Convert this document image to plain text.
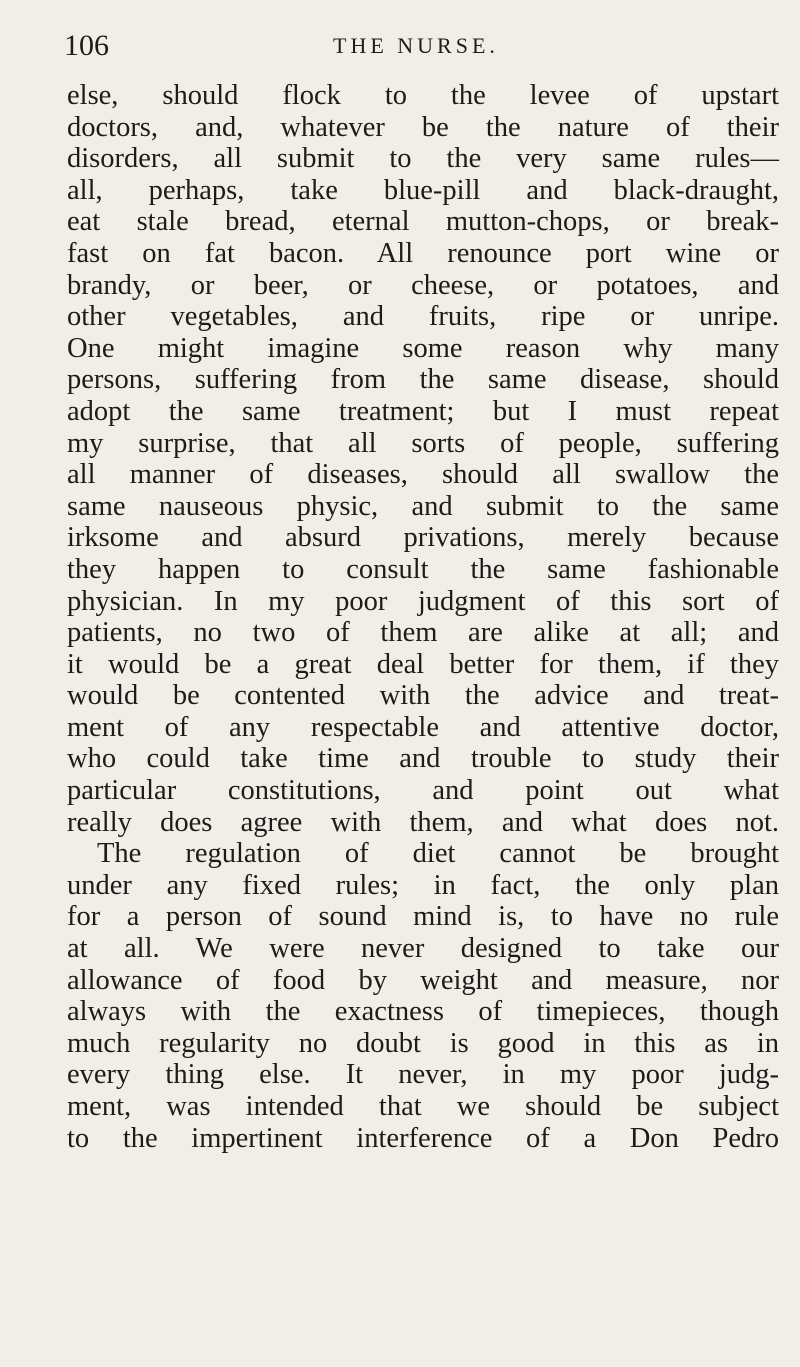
106	THE NURSE.
else, should flock to the levee of upstart
doctors, and, whatever be the nature of their
disorders, all submit to the very same rules—
all, perhaps, take blue-pill and black-draught,
eat stale bread, eternal mutton-chops, or break-
fast on fat bacon. All renounce port wine or
brandy, or beer, or cheese, or potatoes, and
other vegetables, and fruits, ripe or unripe.
One might imagine some reason why many
persons, suffering from the same disease, should
adopt the same treatment; but I must repeat
my surprise, that all sorts of people, suffering
all manner of diseases, should all swallow the
same nauseous physic, and submit to the same
irksome and absurd privations, merely because
they happen to consult the same fashionable
physician. In my poor judgment of this sort of
patients, no two of them are alike at all; and
it would be a great deal better for them, if they
would be contented with the advice and treat-
ment of any respectable and attentive doctor,
who could take time and trouble to study their
particular constitutions, and point out what
really does agree with them, and what does not.
The regulation of diet cannot be brought
under any fixed rules; in fact, the only plan
for a person of sound mind is, to have no rule
at all. We were never designed to take our
allowance of food by weight and measure, nor
always with the exactness of timepieces, though
much regularity no doubt is good in this as in
every thing else. It never, in my poor judg-
ment, was intended that we should be subject
to the impertinent interference of a Don Pedro
